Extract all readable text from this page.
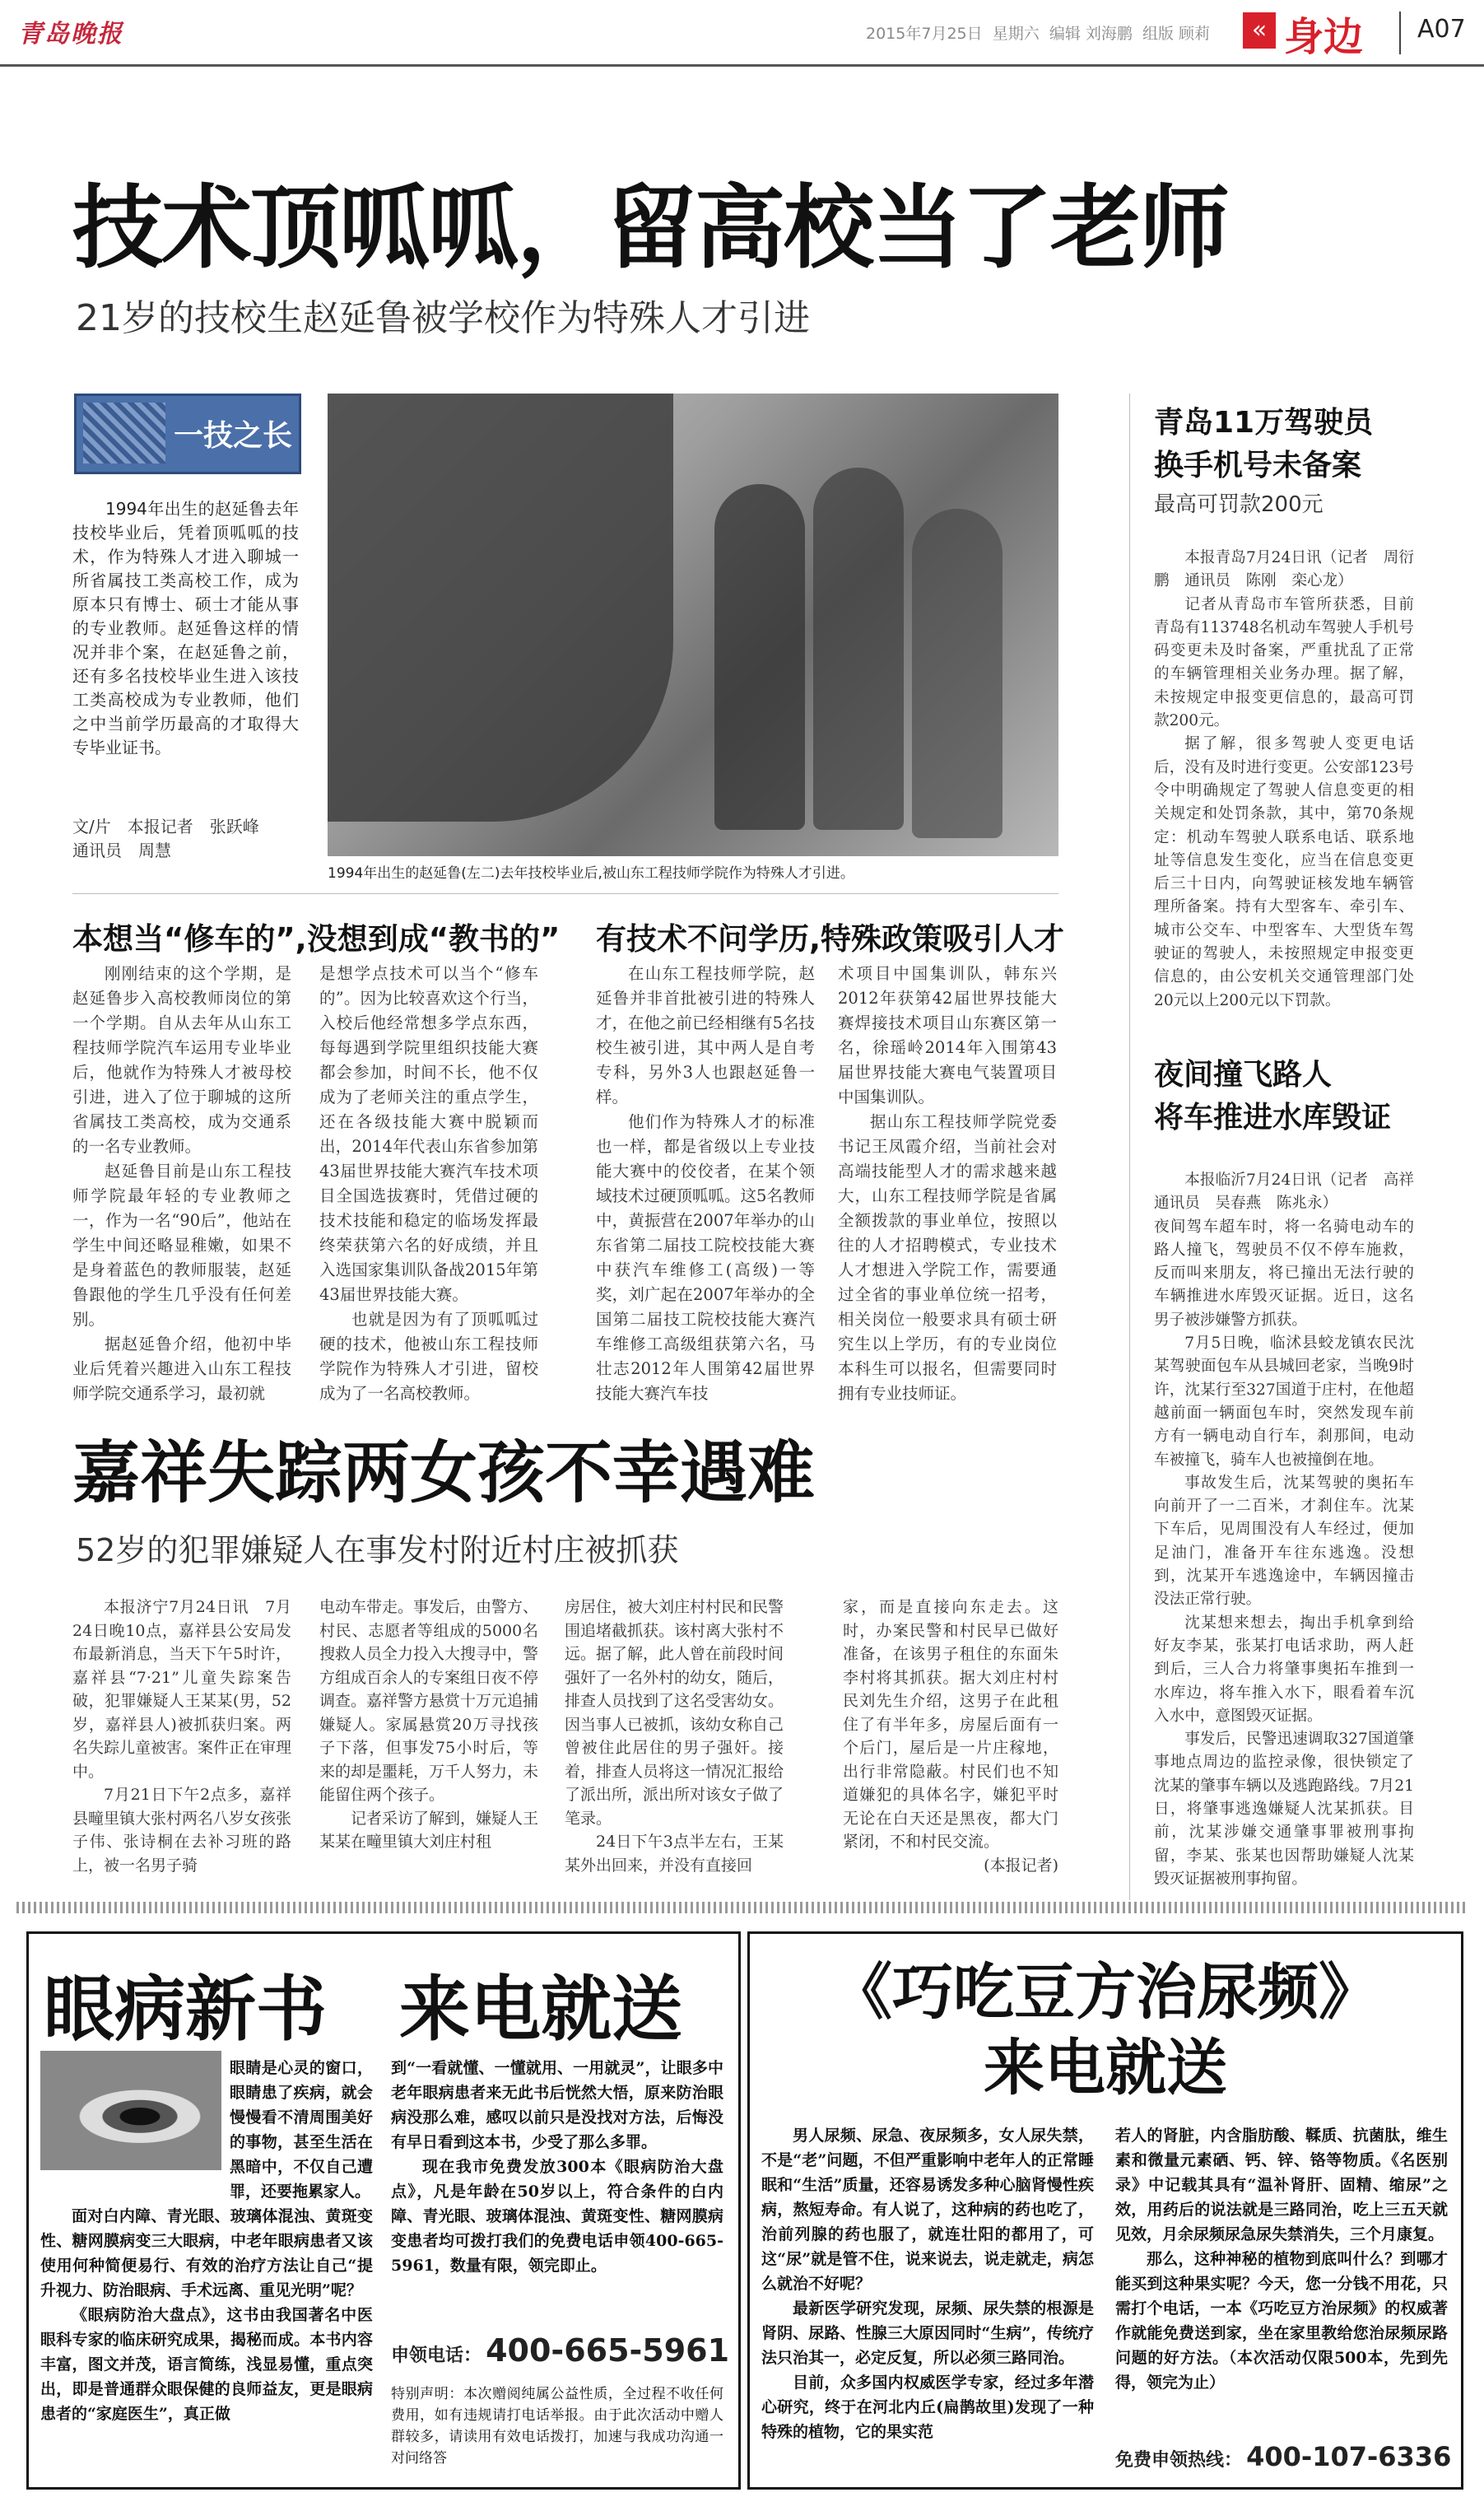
青岛晚报	2015年7月25日 星期六 编辑 刘海鹏 组版 顾莉	« 身边 A07
技术顶呱呱，留高校当了老师
21岁的技校生赵延鲁被学校作为特殊人才引进
一技之长

1994年出生的赵延鲁去年技校毕业后，凭着顶呱呱的技术，作为特殊人才进入聊城一所省属技工类高校工作，成为原本只有博士、硕士才能从事的专业教师。赵延鲁这样的情况并非个案，在赵延鲁之前，还有多名技校毕业生进入该技工类高校成为专业教师，他们之中当前学历最高的才取得大专毕业证书。

文/片　本报记者　张跃峰
通讯员　周慧
1994年出生的赵延鲁(左二)去年技校毕业后,被山东工程技师学院作为特殊人才引进。
本想当“修车的”,没想到成“教书的” 有技术不问学历,特殊政策吸引人才

刚刚结束的这个学期，是赵延鲁步入高校教师岗位的第一个学期。自从去年从山东工程技师学院汽车运用专业毕业后，他就作为特殊人才被母校引进，进入了位于聊城的这所省属技工类高校，成为交通系的一名专业教师。

赵延鲁目前是山东工程技师学院最年轻的专业教师之一，作为一名“90后”，他站在学生中间还略显稚嫩，如果不是身着蓝色的教师服装，赵延鲁跟他的学生几乎没有任何差别。

据赵延鲁介绍，他初中毕业后凭着兴趣进入山东工程技师学院交通系学习，最初就

是想学点技术可以当个“修车的”。因为比较喜欢这个行当，入校后他经常想多学点东西，每每遇到学院里组织技能大赛都会参加，时间不长，他不仅成为了老师关注的重点学生，还在各级技能大赛中脱颖而出，2014年代表山东省参加第43届世界技能大赛汽车技术项目全国选拔赛时，凭借过硬的技术技能和稳定的临场发挥最终荣获第六名的好成绩，并且入选国家集训队备战2015年第43届世界技能大赛。

也就是因为有了顶呱呱过硬的技术，他被山东工程技师学院作为特殊人才引进，留校成为了一名高校教师。

在山东工程技师学院，赵延鲁并非首批被引进的特殊人才，在他之前已经相继有5名技校生被引进，其中两人是自考专科，另外3人也跟赵延鲁一样。

他们作为特殊人才的标准也一样，都是省级以上专业技能大赛中的佼佼者，在某个领域技术过硬顶呱呱。这5名教师中，黄振营在2007年举办的山东省第二届技工院校技能大赛中获汽车维修工(高级)一等奖，刘广起在2007年举办的全国第二届技工院校技能大赛汽车维修工高级组获第六名，马壮志2012年人围第42届世界技能大赛汽车技

术项目中国集训队，韩东兴2012年获第42届世界技能大赛焊接技术项目山东赛区第一名，徐瑶岭2014年入围第43届世界技能大赛电气装置项目中国集训队。

据山东工程技师学院党委书记王凤霞介绍，当前社会对高端技能型人才的需求越来越大，山东工程技师学院是省属全额拨款的事业单位，按照以往的人才招聘模式，专业技术人才想进入学院工作，需要通过全省的事业单位统一招考，相关岗位一般要求具有硕士研究生以上学历，有的专业岗位本科生可以报名，但需要同时拥有专业技师证。

青岛11万驾驶员
换手机号未备案
最高可罚款200元

本报青岛7月24日讯（记者　周衍鹏　通讯员　陈刚　栾心龙）

记者从青岛市车管所获悉，目前青岛有113748名机动车驾驶人手机号码变更未及时备案，严重扰乱了正常的车辆管理相关业务办理。据了解，未按规定申报变更信息的，最高可罚款200元。

据了解，很多驾驶人变更电话后，没有及时进行变更。公安部123号令中明确规定了驾驶人信息变更的相关规定和处罚条款，其中，第70条规定：机动车驾驶人联系电话、联系地址等信息发生变化，应当在信息变更后三十日内，向驾驶证核发地车辆管理所备案。持有大型客车、牵引车、城市公交车、中型客车、大型货车驾驶证的驾驶人，未按照规定申报变更信息的，由公安机关交通管理部门处20元以上200元以下罚款。

夜间撞飞路人
将车推进水库毁证

本报临沂7月24日讯（记者　高祥　通讯员　吴春燕　陈兆永）

夜间驾车超车时，将一名骑电动车的路人撞飞，驾驶员不仅不停车施救，反而叫来朋友，将已撞出无法行驶的车辆推进水库毁灭证据。近日，这名男子被涉嫌警方抓获。

7月5日晚，临沭县蛟龙镇农民沈某驾驶面包车从县城回老家，当晚9时许，沈某行至327国道于庄村，在他超越前面一辆面包车时，突然发现车前方有一辆电动自行车，刹那间，电动车被撞飞，骑车人也被撞倒在地。

事故发生后，沈某驾驶的奥拓车向前开了一二百米，才刹住车。沈某下车后，见周围没有人车经过，便加足油门，准备开车往东逃逸。没想到，沈某开车逃逸途中，车辆因撞击没法正常行驶。

沈某想来想去，掏出手机拿到给好友李某，张某打电话求助，两人赶到后，三人合力将肇事奥拓车推到一水库边，将车推入水下，眼看着车沉入水中，意图毁灭证据。

事发后，民警迅速调取327国道肇事地点周边的监控录像，很快锁定了沈某的肇事车辆以及逃跑路线。7月21日，将肇事逃逸嫌疑人沈某抓获。目前，沈某涉嫌交通肇事罪被刑事拘留，李某、张某也因帮助嫌疑人沈某毁灭证据被刑事拘留。

嘉祥失踪两女孩不幸遇难
52岁的犯罪嫌疑人在事发村附近村庄被抓获

本报济宁7月24日讯　7月24日晚10点，嘉祥县公安局发布最新消息，当天下午5时许，嘉祥县“7·21”儿童失踪案告破，犯罪嫌疑人王某某(男，52岁，嘉祥县人)被抓获归案。两名失踪儿童被害。案件正在审理中。

7月21日下午2点多，嘉祥县疃里镇大张村两名八岁女孩张子伟、张诗桐在去补习班的路上，被一名男子骑

电动车带走。事发后，由警方、村民、志愿者等组成的5000名搜救人员全力投入大搜寻中，警方组成百余人的专案组日夜不停调查。嘉祥警方悬赏十万元追捕嫌疑人。家属悬赏20万寻找孩子下落，但事发75小时后，等来的却是噩耗，万千人努力，未能留住两个孩子。

记者采访了解到，嫌疑人王某某在疃里镇大刘庄村租

房居住，被大刘庄村村民和民警围追堵截抓获。该村离大张村不远。据了解，此人曾在前段时间强奸了一名外村的幼女，随后，排查人员找到了这名受害幼女。因当事人已被抓，该幼女称自己曾被住此居住的男子强奸。接着，排查人员将这一情况汇报给了派出所，派出所对该女子做了笔录。

24日下午3点半左右，王某某外出回来，并没有直接回

家，而是直接向东走去。这时，办案民警和村民早已做好准备，在该男子租住的东面朱李村将其抓获。据大刘庄村村民刘先生介绍，这男子在此租住了有半年多，房屋后面有一个后门，屋后是一片庄稼地，出行非常隐蔽。村民们也不知道嫌犯的具体名字，嫌犯平时无论在白天还是黑夜，都大门紧闭，不和村民交流。

(本报记者)

眼病新书 来电就送

眼睛是心灵的窗口，眼睛患了疾病，就会慢慢看不清周围美好的事物，甚至生活在黑暗中，不仅自己遭罪，还要拖累家人。

面对白内障、青光眼、玻璃体混浊、黄斑变性、糖网膜病变三大眼病，中老年眼病患者又该使用何种简便易行、有效的治疗方法让自己“提升视力、防治眼病、手术远离、重见光明”呢？

《眼病防治大盘点》，这书由我国著名中医眼科专家的临床研究成果，揭秘而成。本书内容丰富，图文并茂，语言简练，浅显易懂，重点突出，即是普通群众眼保健的良师益友，更是眼病患者的“家庭医生”，真正做

到“一看就懂、一懂就用、一用就灵”，让眼多中老年眼病患者来无此书后恍然大悟，原来防治眼病没那么难，感叹以前只是没找对方法，后悔没有早日看到这本书，少受了那么多罪。

现在我市免费发放300本《眼病防治大盘点》，凡是年龄在50岁以上，符合条件的白内障、青光眼、玻璃体混浊、黄斑变性、糖网膜病变患者均可拨打我们的免费电话申领400-665-5961，数量有限，领完即止。

申领电话： 400-665-5961

特别声明：本次赠阅纯属公益性质，全过程不收任何费用，如有违规请打电话举报。由于此次活动中赠人群较多，请读用有效电话拨打，加速与我成功沟通一对问络答

《巧吃豆方治尿频》
来电就送

男人尿频、尿急、夜尿频多，女人尿失禁，不是“老”问题，不但严重影响中老年人的正常睡眠和“生活”质量，还容易诱发多种心脑肾慢性疾病，熬短寿命。有人说了，这种病的药也吃了，治前列腺的药也服了，就连壮阳的都用了，可这“尿”就是管不住，说来说去，说走就走，病怎么就治不好呢？

最新医学研究发现，尿频、尿失禁的根源是肾阴、尿路、性腺三大原因同时“生病”，传统疗法只治其一，必定反复，所以必须三路同治。

目前，众多国内权威医学专家，经过多年潜心研究，终于在河北内丘(扁鹊故里)发现了一种特殊的植物，它的果实范

若人的肾脏，内含脂肪酸、鞣质、抗菌肽，维生素和微量元素硒、钙、锌、铬等物质。《名医别录》中记载其具有“温补肾肝、固精、缩尿”之效，用药后的说法就是三路同治，吃上三五天就见效，月余尿频尿急尿失禁消失，三个月康复。

那么，这种神秘的植物到底叫什么？到哪才能买到这种果实呢？今天，您一分钱不用花，只需打个电话，一本《巧吃豆方治尿频》的权威著作就能免费送到家，坐在家里教给您治尿频尿路问题的好方法。（本次活动仅限500本，先到先得，领完为止）

免费申领热线： 400-107-6336
